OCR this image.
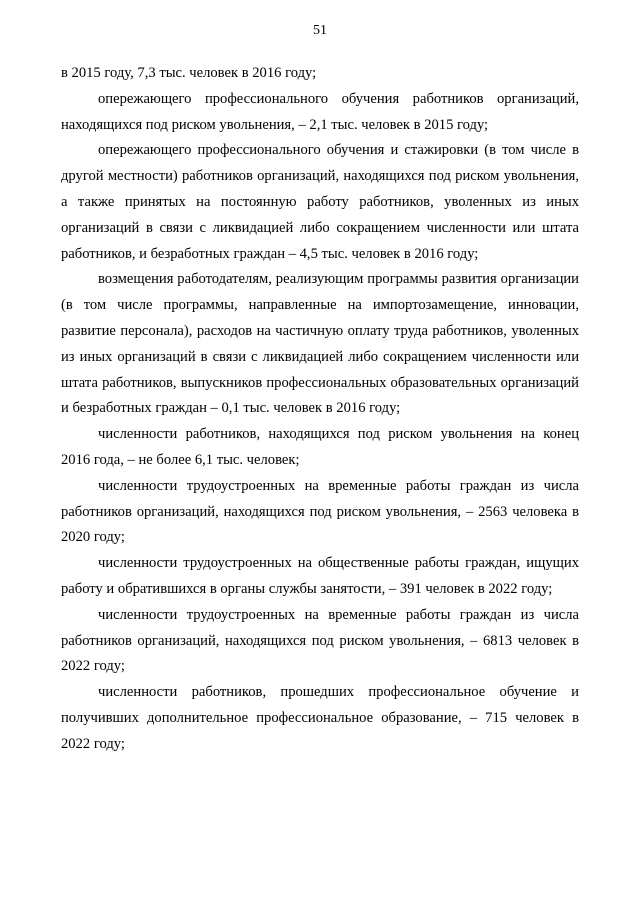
51

в 2015 году, 7,3 тыс. человек в 2016 году;

опережающего профессионального обучения работников организаций, находящихся под риском увольнения, – 2,1 тыс. человек в 2015 году;

опережающего профессионального обучения и стажировки (в том числе в другой местности) работников организаций, находящихся под риском увольнения, а также принятых на постоянную работу работников, уволенных из иных организаций в связи с ликвидацией либо сокращением численности или штата работников, и безработных граждан – 4,5 тыс. человек в 2016 году;

возмещения работодателям, реализующим программы развития организации (в том числе программы, направленные на импортозамещение, инновации, развитие персонала), расходов на частичную оплату труда работников, уволенных из иных организаций в связи с ликвидацией либо сокращением численности или штата работников, выпускников профессиональных образовательных организаций и безработных граждан – 0,1 тыс. человек в 2016 году;

численности работников, находящихся под риском увольнения на конец 2016 года, – не более 6,1 тыс. человек;

численности трудоустроенных на временные работы граждан из числа работников организаций, находящихся под риском увольнения, – 2563 человека в 2020 году;

численности трудоустроенных на общественные работы граждан, ищущих работу и обратившихся в органы службы занятости, – 391 человек в 2022 году;

численности трудоустроенных на временные работы граждан из числа работников организаций, находящихся под риском увольнения, – 6813 человек в 2022 году;

численности работников, прошедших профессиональное обучение и получивших дополнительное профессиональное образование, – 715 человек в 2022 году;
